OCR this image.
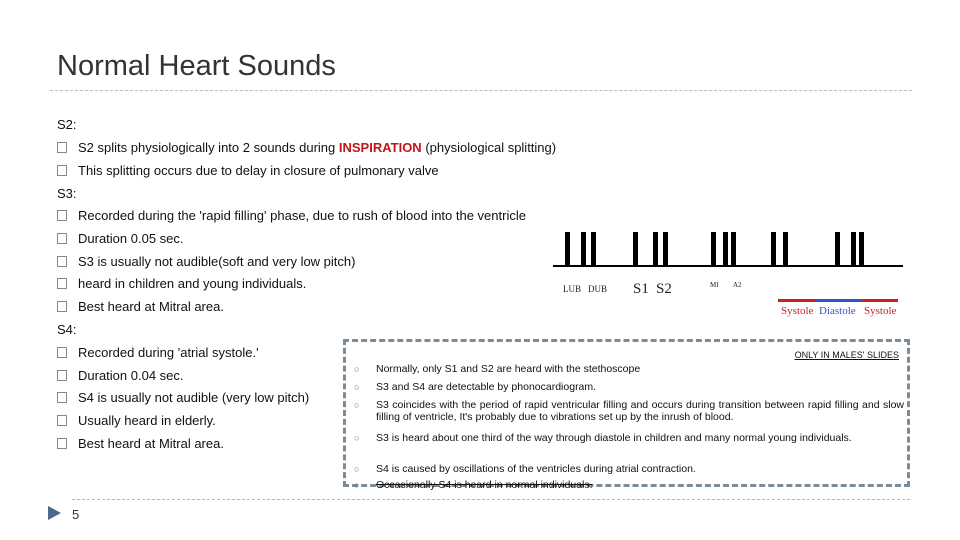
Normal Heart Sounds
S2:
S2 splits physiologically into 2 sounds during INSPIRATION (physiological splitting)
This splitting occurs due to delay in closure of pulmonary valve
S3:
Recorded during the 'rapid filling' phase, due to rush of blood into the ventricle
Duration 0.05 sec.
S3 is usually not audible(soft and very low pitch)
heard in children and young individuals.
Best heard at Mitral area.
S4:
Recorded during 'atrial systole.'
Duration 0.04 sec.
S4 is usually not audible (very low pitch)
Usually heard in elderly.
Best heard at Mitral area.
LUB DUB S1 S2	MI A2
Systole Diastole Systole
ONLY IN MALES' SLIDES
○ Normally, only S1 and S2 are heard with the stethoscope
○ S3 and S4 are detectable by phonocardiogram.
○ S3 coincides with the period of rapid ventricular filling and occurs during transition between rapid filling and slow filling of ventricle, It's probably due to vibrations set up by the inrush of blood.
○ S3 is heard about one third of the way through diastole in children and many normal young individuals.
○ S4 is caused by oscillations of the ventricles during atrial contraction.
○ Occasionally S4 is heard in normal individuals.
5
